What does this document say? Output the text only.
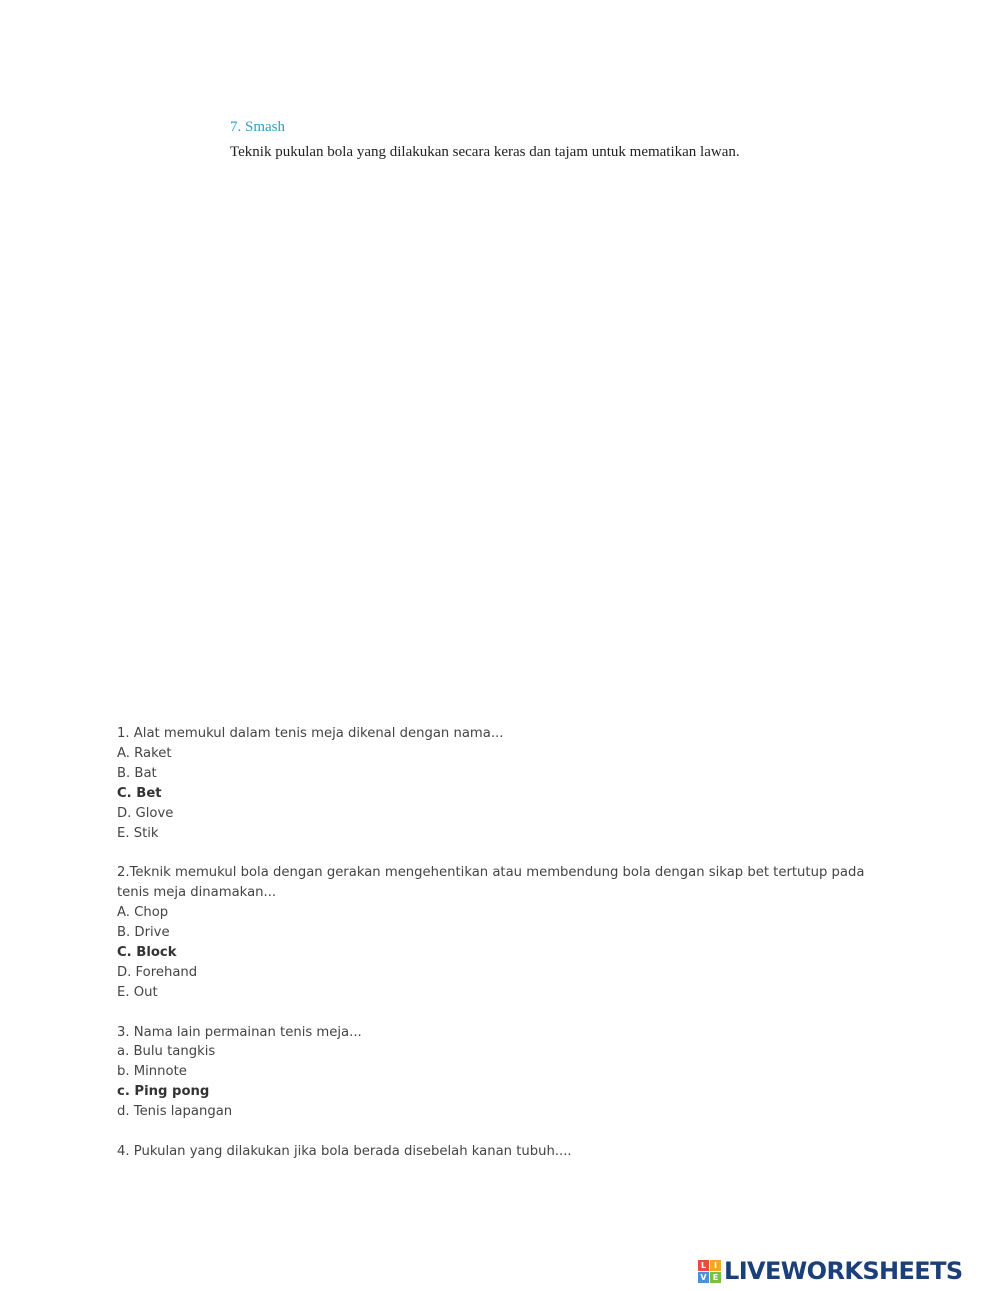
7. Smash
Teknik pukulan bola yang dilakukan secara keras dan tajam untuk mematikan lawan.
1. Alat memukul dalam tenis meja dikenal dengan nama...
A. Raket
B. Bat
C. Bet
D. Glove
E. Stik
2.Teknik memukul bola dengan gerakan mengehentikan atau membendung bola dengan sikap bet tertutup pada tenis meja dinamakan...
A. Chop
B. Drive
C. Block
D. Forehand
E. Out
3. Nama lain permainan tenis meja...
a. Bulu tangkis
b. Minnote
c. Ping pong
d. Tenis lapangan
4. Pukulan yang dilakukan jika bola berada disebelah kanan tubuh....
L I
V E LIVEWORKSHEETS
